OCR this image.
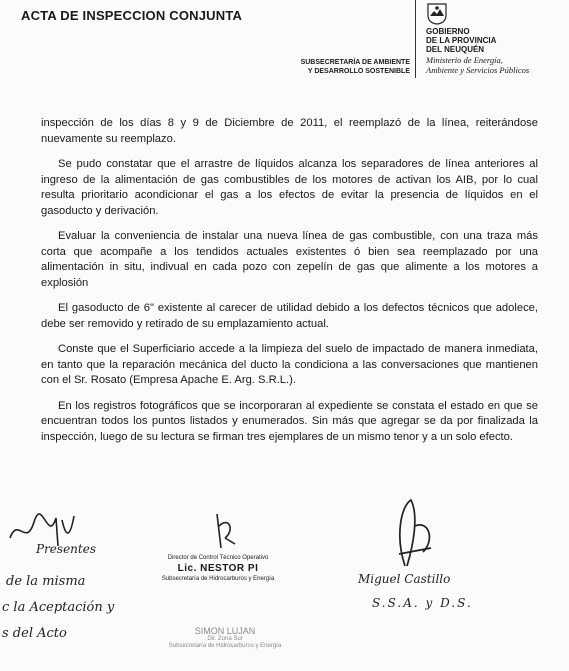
ACTA DE INSPECCION CONJUNTA
SUBSECRETARÍA DE AMBIENTE
Y DESARROLLO SOSTENIBLE
GOBIERNO
DE LA PROVINCIA
DEL NEUQUÉN
Ministerio de Energía,
Ambiente y Servicios Públicos

inspección de los días 8 y 9 de Diciembre de 2011, el reemplazó de la línea, reiterándose nuevamente su reemplazo.

Se pudo constatar que el arrastre de líquidos alcanza los separadores de línea anteriores al ingreso de la alimentación de gas combustibles de los motores de activan los AIB, por lo cual resulta prioritario acondicionar el gas a los efectos de evitar la presencia de líquidos en el gasoducto y derivación.

Evaluar la conveniencia de instalar una nueva línea de gas combustible, con una traza más corta que acompañe a los tendidos actuales existentes ó bien sea reemplazado por una alimentación in situ, indivual en cada pozo con zepelín de gas que alimente a los motores a explosión

El gasoducto de 6" existente al carecer de utilidad debido a los defectos técnicos que adolece, debe ser removido y retirado de su emplazamiento actual.

Conste que el Superficiario accede a la limpieza del suelo de impactado de manera inmediata, en tanto que la reparación mecánica del ducto la condiciona a las conversaciones que mantienen con el Sr. Rosato (Empresa Apache E. Arg. S.R.L.).

En los registros fotográficos que se incorporaran al expediente se constata el estado en que se encuentran todos los puntos listados y enumerados. Sin más que agregar se da por finalizada la inspección, luego de su lectura se firman tres ejemplares de un mismo tenor y a un solo efecto.

Presentes
de la misma
c la Aceptación y
s del Acto
Director de Control Técnico Operativo
Lic. NESTOR PI
Subsecretaría de Hidrocarburos y Energía	Miguel Castillo
S.S.A. y D.S.
SIMON LUJAN
Dir. Zona Sur
Subsecretaría de Hidrocarburos y Energía
